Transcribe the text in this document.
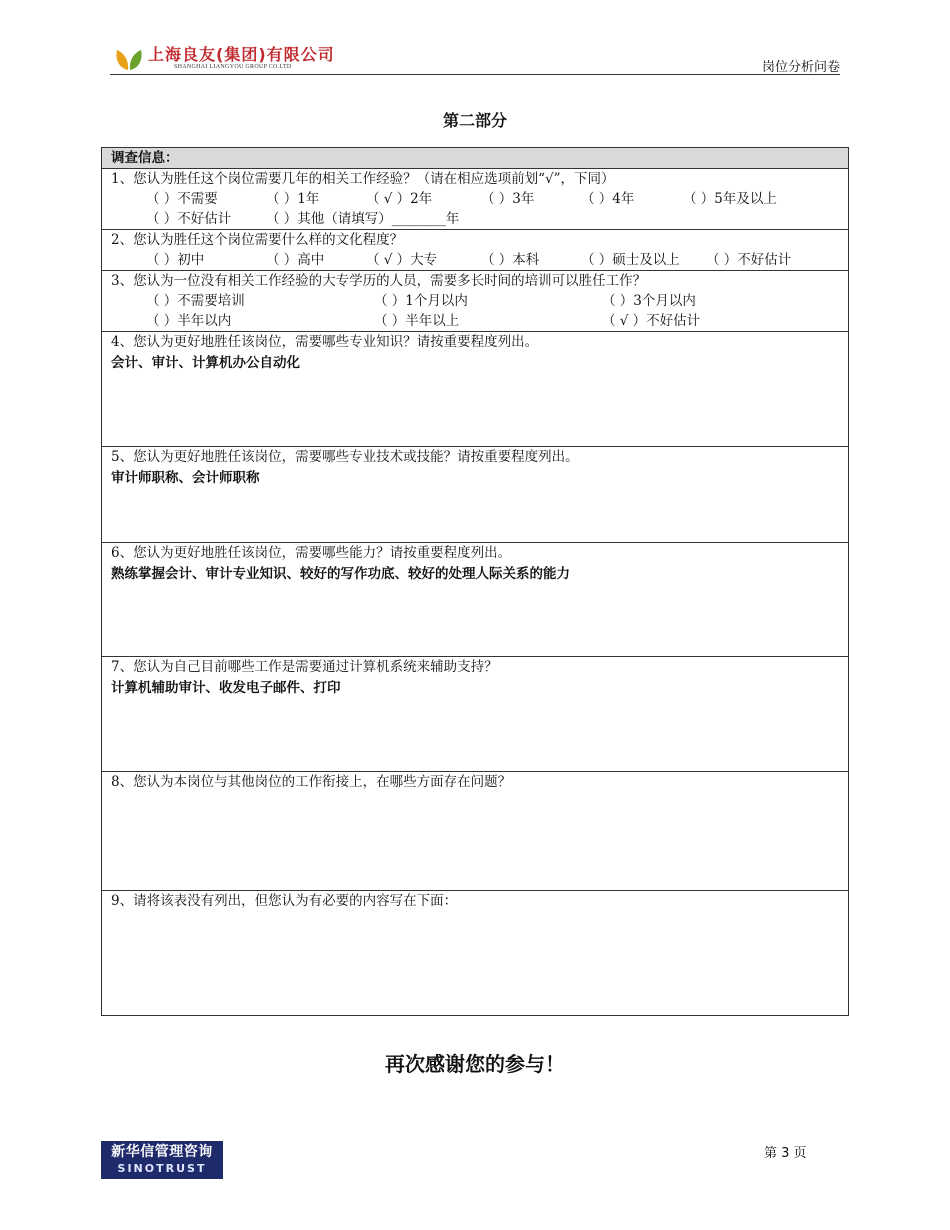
上海良友(集团)有限公司
SHANGHAI LIANGYOU GROUP CO.LTD	岗位分析问卷
第二部分
调查信息：

1、您认为胜任这个岗位需要几年的相关工作经验？（请在相应选项前划“√”，下同）
（ ）不需要	（ ）1年	（ √ ）2年	（ ）3年	（ ）4年	（ ）5年及以上
（ ）不好估计	（ ）其他（请填写）________年

2、您认为胜任这个岗位需要什么样的文化程度？
（ ）初中	（ ）高中	（ √ ）大专	（ ）本科	（ ）硕士及以上	（ ）不好估计

3、您认为一位没有相关工作经验的大专学历的人员，需要多长时间的培训可以胜任工作？
（ ）不需要培训	（ ）1个月以内	（ ）3个月以内
（ ）半年以内	（ ）半年以上	（ √ ）不好估计

4、您认为更好地胜任该岗位，需要哪些专业知识？请按重要程度列出。
会计、审计、计算机办公自动化

5、您认为更好地胜任该岗位，需要哪些专业技术或技能？请按重要程度列出。
审计师职称、会计师职称

6、您认为更好地胜任该岗位，需要哪些能力？请按重要程度列出。
熟练掌握会计、审计专业知识、较好的写作功底、较好的处理人际关系的能力

7、您认为自己目前哪些工作是需要通过计算机系统来辅助支持？
计算机辅助审计、收发电子邮件、打印

8、您认为本岗位与其他岗位的工作衔接上，在哪些方面存在问题？

9、请将该表没有列出，但您认为有必要的内容写在下面：
再次感谢您的参与！
新华信管理咨询
SINOTRUST
第 3 页
